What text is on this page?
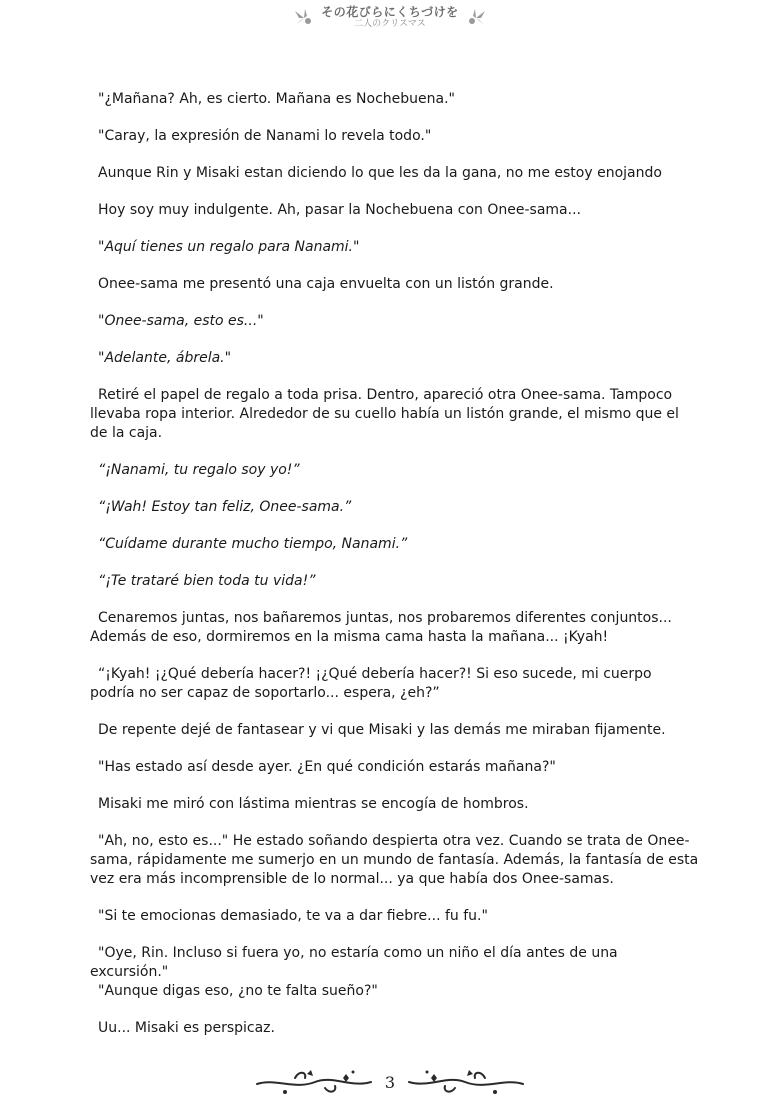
その花びらにくちづけを
二人のクリスマス

"¿Mañana? Ah, es cierto. Mañana es Nochebuena."

"Caray, la expresión de Nanami lo revela todo."

Aunque Rin y Misaki estan diciendo lo que les da la gana, no me estoy enojando

Hoy soy muy indulgente. Ah, pasar la Nochebuena con Onee-sama...

"Aquí tienes un regalo para Nanami."

Onee-sama me presentó una caja envuelta con un listón grande.

"Onee-sama, esto es..."

"Adelante, ábrela."

Retiré el papel de regalo a toda prisa. Dentro, apareció otra Onee-sama. Tampoco llevaba ropa interior. Alrededor de su cuello había un listón grande, el mismo que el de la caja.

“¡Nanami, tu regalo soy yo!”

“¡Wah! Estoy tan feliz, Onee-sama.”

“Cuídame durante mucho tiempo, Nanami.”

“¡Te trataré bien toda tu vida!”

Cenaremos juntas, nos bañaremos juntas, nos probaremos diferentes conjuntos... Además de eso, dormiremos en la misma cama hasta la mañana... ¡Kyah!

“¡Kyah! ¡¿Qué debería hacer?! ¡¿Qué debería hacer?! Si eso sucede, mi cuerpo podría no ser capaz de soportarlo... espera, ¿eh?”

De repente dejé de fantasear y vi que Misaki y las demás me miraban fijamente.

"Has estado así desde ayer. ¿En qué condición estarás mañana?"

Misaki me miró con lástima mientras se encogía de hombros.

"Ah, no, esto es..." He estado soñando despierta otra vez. Cuando se trata de Onee-sama, rápidamente me sumerjo en un mundo de fantasía. Además, la fantasía de esta vez era más incomprensible de lo normal... ya que había dos Onee-samas.

"Si te emocionas demasiado, te va a dar fiebre... fu fu."

"Oye, Rin. Incluso si fuera yo, no estaría como un niño el día antes de una excursión."

"Aunque digas eso, ¿no te falta sueño?"

Uu... Misaki es perspicaz.

3
